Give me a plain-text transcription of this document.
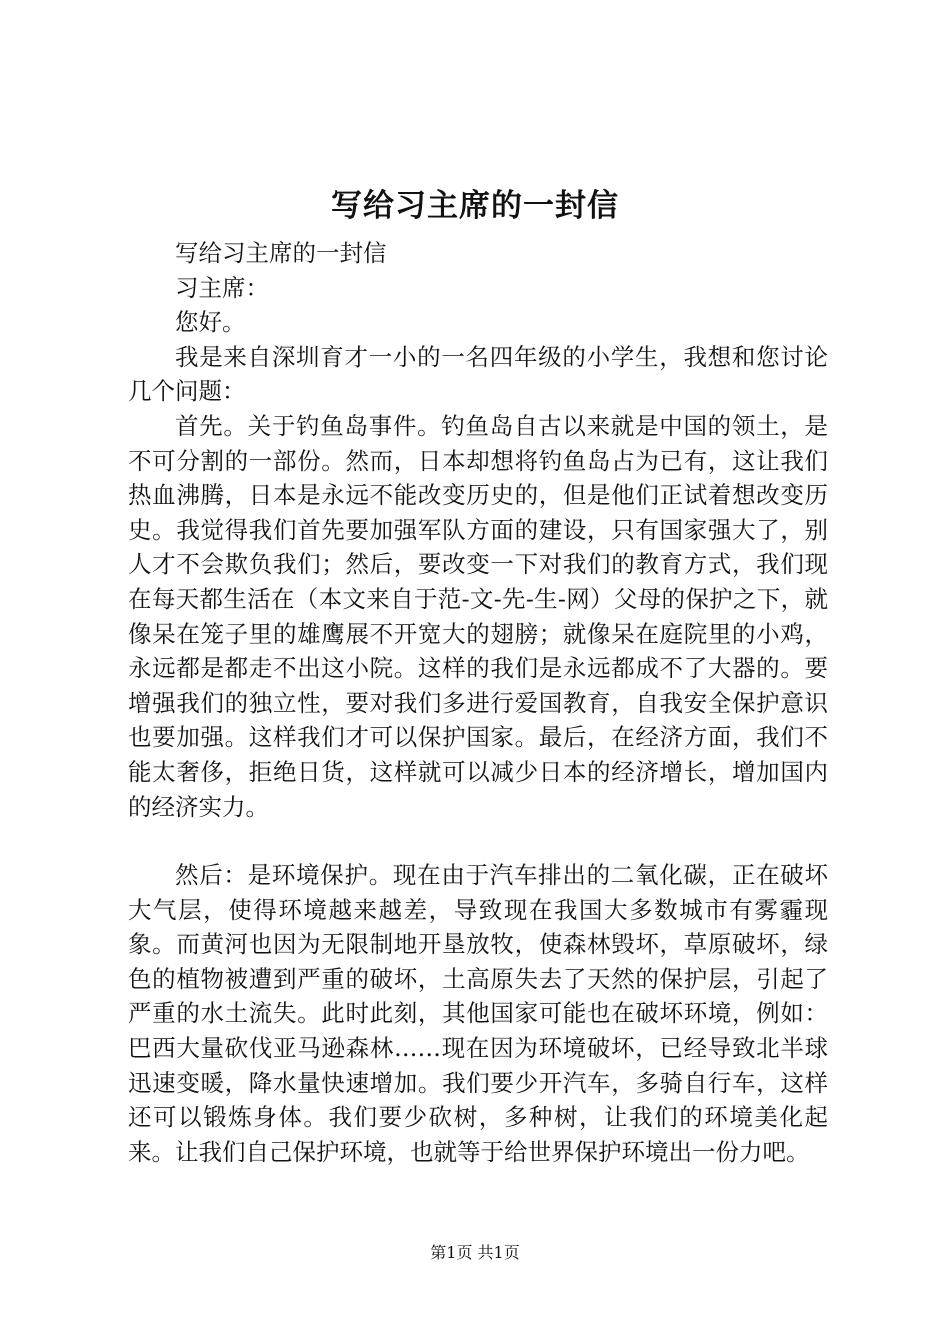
写给习主席的一封信

写给习主席的一封信

习主席：

您好。

我是来自深圳育才一小的一名四年级的小学生，我想和您讨论几个问题：

首先。关于钓鱼岛事件。钓鱼岛自古以来就是中国的领土，是不可分割的一部份。然而，日本却想将钓鱼岛占为已有，这让我们热血沸腾，日本是永远不能改变历史的，但是他们正试着想改变历史。我觉得我们首先要加强军队方面的建设，只有国家强大了，别人才不会欺负我们；然后，要改变一下对我们的教育方式，我们现在每天都生活在（本文来自于范-文-先-生-网）父母的保护之下，就像呆在笼子里的雄鹰展不开宽大的翅膀；就像呆在庭院里的小鸡，永远都是都走不出这小院。这样的我们是永远都成不了大器的。要增强我们的独立性，要对我们多进行爱国教育，自我安全保护意识也要加强。这样我们才可以保护国家。最后，在经济方面，我们不能太奢侈，拒绝日货，这样就可以减少日本的经济增长，增加国内的经济实力。

然后：是环境保护。现在由于汽车排出的二氧化碳，正在破坏大气层，使得环境越来越差，导致现在我国大多数城市有雾霾现象。而黄河也因为无限制地开垦放牧，使森林毁坏，草原破坏，绿色的植物被遭到严重的破坏，土高原失去了天然的保护层，引起了严重的水土流失。此时此刻，其他国家可能也在破坏环境，例如：巴西大量砍伐亚马逊森林……现在因为环境破坏，已经导致北半球迅速变暖，降水量快速增加。我们要少开汽车，多骑自行车，这样还可以锻炼身体。我们要少砍树，多种树，让我们的环境美化起来。让我们自己保护环境，也就等于给世界保护环境出一份力吧。

第1页 共1页
